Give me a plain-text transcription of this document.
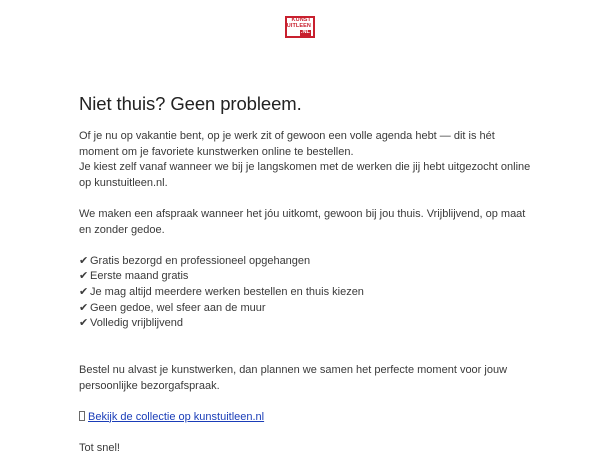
KUNST
UITLEEN
.NL
Niet thuis? Geen probleem.

Of je nu op vakantie bent, op je werk zit of gewoon een volle agenda hebt — dit is hét moment om je favoriete kunstwerken online te bestellen.

Je kiest zelf vanaf wanneer we bij je langskomen met de werken die jij hebt uitgezocht online op kunstuitleen.nl.

We maken een afspraak wanneer het jóu uitkomt, gewoon bij jou thuis. Vrijblijvend, op maat en zonder gedoe.

✔ Gratis bezorgd en professioneel opgehangen
✔ Eerste maand gratis
✔ Je mag altijd meerdere werken bestellen en thuis kiezen
✔ Geen gedoe, wel sfeer aan de muur
✔ Volledig vrijblijvend

Bestel nu alvast je kunstwerken, dan plannen we samen het perfecte moment voor jouw persoonlijke bezorgafspraak.

Bekijk de collectie op kunstuitleen.nl

Tot snel!
